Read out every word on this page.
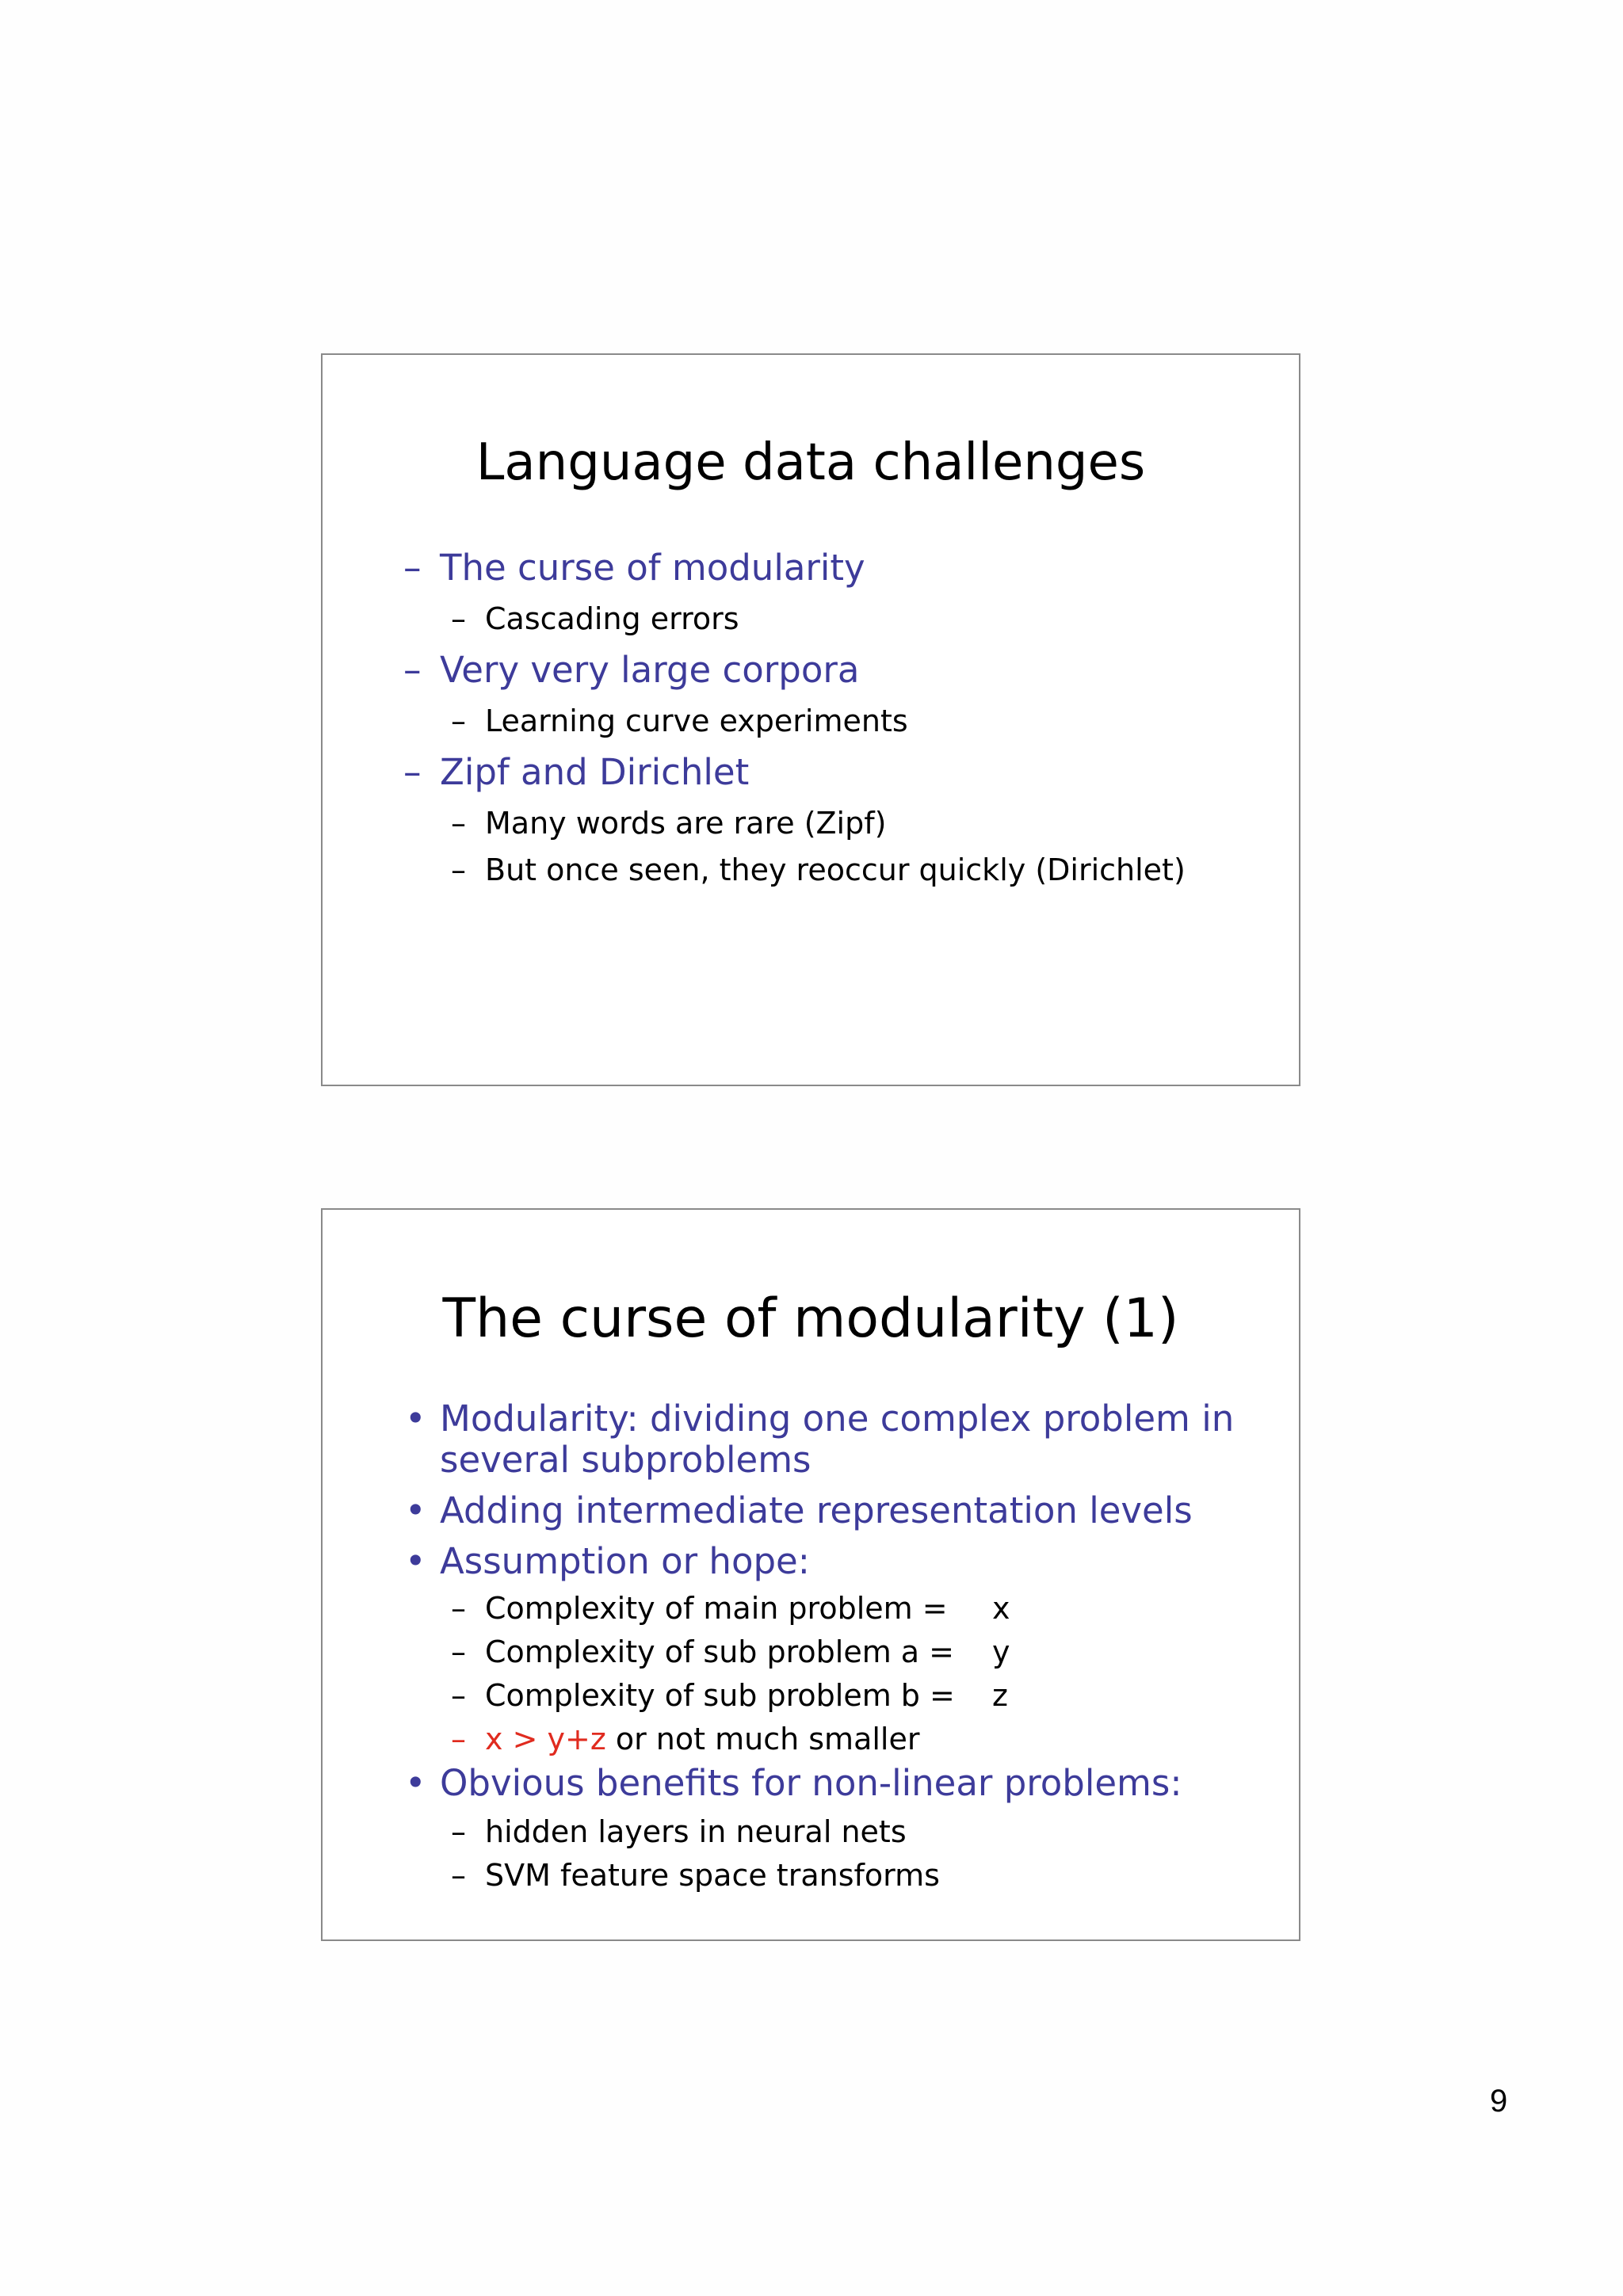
Language data challenges
– The curse of modularity
– Cascading errors
– Very very large corpora
– Learning curve experiments
– Zipf and Dirichlet
– Many words are rare (Zipf)
– But once seen, they reoccur quickly (Dirichlet)
The curse of modularity (1)
• Modularity: dividing one complex problem in
several subproblems
• Adding intermediate representation levels
• Assumption or hope:
– Complexity of main problem = x
– Complexity of sub problem a = y
– Complexity of sub problem b = z
– x > y+z or not much smaller
• Obvious benefits for non-linear problems:
– hidden layers in neural nets
– SVM feature space transforms
9
